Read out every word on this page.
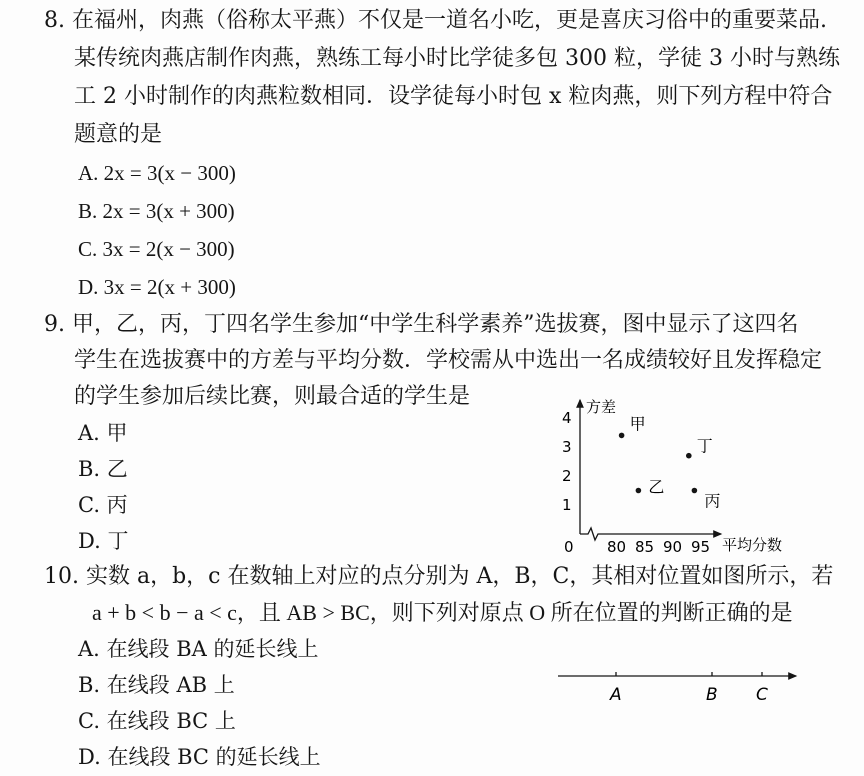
8. 在福州，肉燕（俗称太平燕）不仅是一道名小吃，更是喜庆习俗中的重要菜品.
某传统肉燕店制作肉燕，熟练工每小时比学徒多包 300 粒，学徒 3 小时与熟练
工 2 小时制作的肉燕粒数相同．设学徒每小时包 x 粒肉燕，则下列方程中符合
题意的是
A. 2x = 3(x − 300)
B. 2x = 3(x + 300)
C. 3x = 2(x − 300)
D. 3x = 2(x + 300)
9. 甲，乙，丙，丁四名学生参加“中学生科学素养”选拔赛，图中显示了这四名
学生在选拔赛中的方差与平均分数．学校需从中选出一名成绩较好且发挥稳定
的学生参加后续比赛，则最合适的学生是
A. 甲
B. 乙
C. 丙
D. 丁
方差
平均分数
0 80 85 90 95
1
2
3
4	甲
乙
丙
丁
10. 实数 a，b，c 在数轴上对应的点分别为 A，B，C，其相对位置如图所示，若
a + b < b − a < c，且 AB > BC，则下列对原点 O 所在位置的判断正确的是
A. 在线段 BA 的延长线上
B. 在线段 AB 上
C. 在线段 BC 上
D. 在线段 BC 的延长线上
A	B C
